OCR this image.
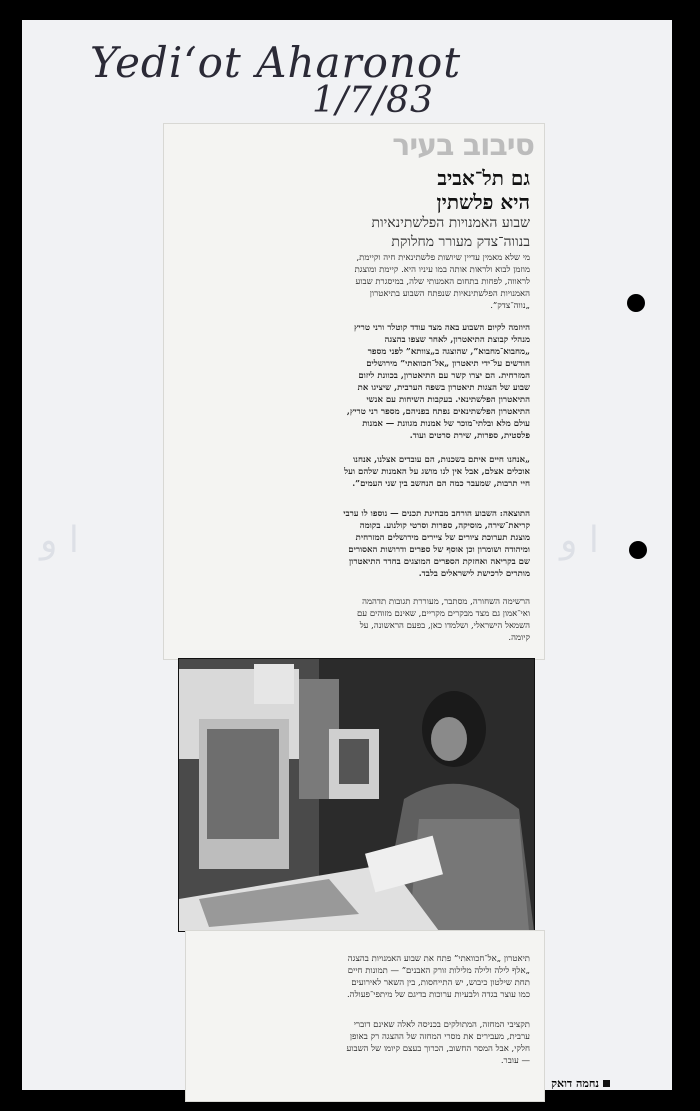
ﺍ ﻭ	ﺍ ﻭ
Yedi‘ot Aharonot
1/7/83
סיבוב בעיר
גם תל־אביב
היא פלשתין
שבוע האמנויות הפלשתינאיות
בנווה־צדק מעורר מחלוקת
מי שלא מאמין עדיין שיושות פלשתינאית חיה וקיימת, מוזמן לבוא ולראות אותה במו עיניו היא. קיימת ומוצגת לראווה, לפחות בתחום האמנותי שלה, במיסגרת שבוע האמנויות הפלשתינאיות שנפתח השבוע בתיאטרון „נווה־צדק”.
היוזמה לקיום השבוע באה מצד עודד קוטלר ורני טריץ מנהלי קבוצת התיאטרון, לאחר שצפו בהצגה „מחבוא־מחבוא”, שהוצגה ב„צוותא” לפני מספר חודשים על־ידי תיאטרון „אל־חכוואתי” מירושלים המזרחית. הם יצרו קשר עם התיאטרון, בכוונת ליזום שבוע של הצגות תיאטרון בשפה הערבית, שיציגו את התיאטרון הפלשתינאי. בעקבות השיחות עם אנשי התיאטרון הפלשתינאים נפתח בפניהם, מספר רני טריץ, עולם מלא ובלתי־מוכר של אמנות מגוונת — אמנות פלסטית, ספרות, שירת סרטים ועוד.
„אנחנו חיים איתם בשכנות, הם עובדים אצלנו, אנחנו אוכלים אצלם, אבל אין לנו מושג על האמנות שלהם ועל חיי תרבות, שמעבר כמה הם הנחשב בין שני העמים”.
התוצאה: השבוע הורחב מבחינת תכנים — נוספו לו ערבי קריאת־שירה, מוסיקה, ספרות וסרטי קולנוע. בקומה מוצגת תערוכת ציורים של ציירים מירושלים המזרחית ומיהודה ושומרון וכן אוסף של ספרים ודרושות האסורים שם בקריאה ואחזקת הספרים המוצגים בחדר התיאטרון מותרים לרכישת לישראלים בלבד.
הרשימה השחורה, מסתבר, מעוררת תגובות תדהמה ואי־אמון גם מצד מבקרים מקריים, שאינם מזוהים עם השמאל הישראלי, ושלמדו כאן, בפעם הראשונה, על קיומה.
תיאטרון „אל־חכוואתי” פתח את שבוע האמנויות בהצגה „אלף לילה ולילה מלילות זורק האבנים” — תמונות חיים תחת שילטון כיבוש, יש התייחסות, בין השאר לאירועים כמו עוצר בגדה ולבעיות ערוכות בדיגם של מיתפי־פעולה.
תקציבי המחזה, המתולקים בכניסה לאלה שאינם דוברי ערבית, מעבירים את מסרי המחזה של ההצגה רק באופן חלקי, אבל המסר החשוב, הכרוך בעצם קיומו של השבוע — עובר.
נחמה דואק
